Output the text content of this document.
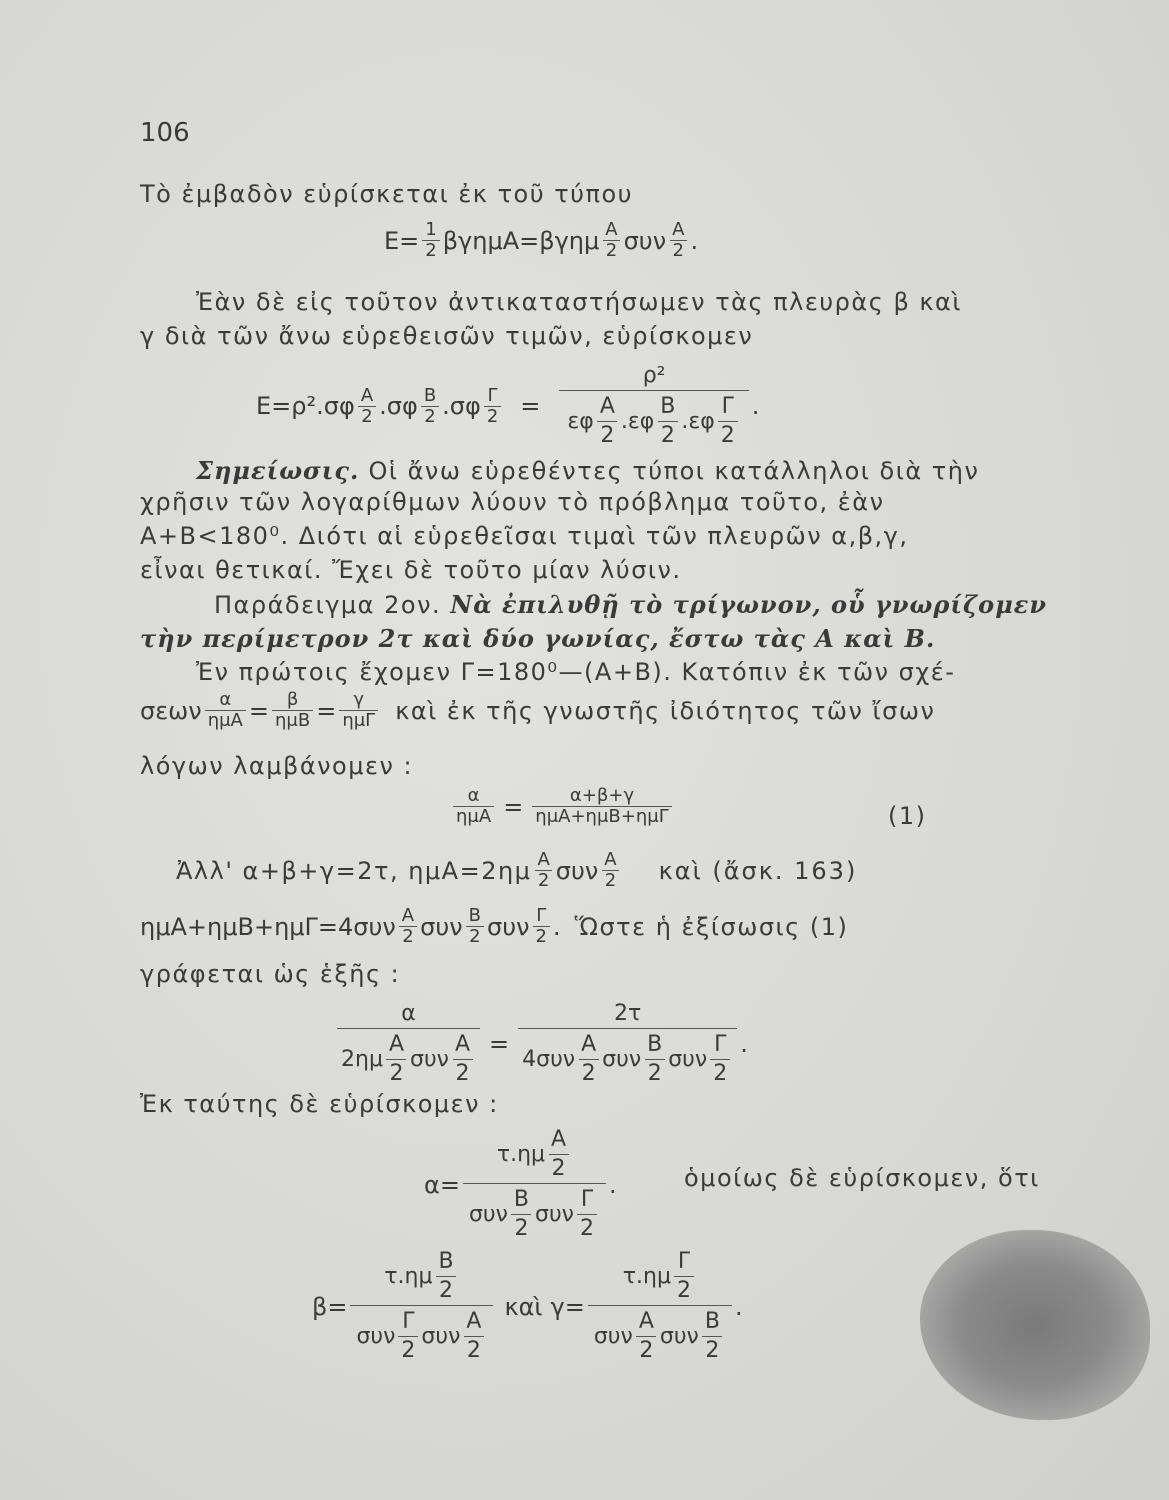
106
Τὸ ἐμβαδὸν εὑρίσκεται ἐκ τοῦ τύπου
$E= \frac{1}{2} \beta\gamma\eta\mu A=\beta\gamma\eta\mu \frac{A}{2}$ συν $\frac{A}{2}$ .
Ἐὰν δὲ εἰς τοῦτον ἀντικαταστήσωμεν τὰς πλευρὰς β καὶ
γ διὰ τῶν ἄνω εὑρεθεισῶν τιμῶν, εὑρίσκομεν
$E=\rho^2.\sigma\varphi \frac{A}{2} .\sigma\varphi \frac{B}{2} .\sigma\varphi \frac{\Gamma}{2} = \frac{\text{ρ²}}{\varepsilon\varphi \frac{A}{2} .\varepsilon\varphi \frac{B}{2} .\varepsilon\varphi \frac{\Gamma}{2}}$ .
Σημείωσις. Οἱ ἄνω εὑρεθέντες τύποι κατάλληλοι διὰ τὴν
χρῆσιν τῶν λογαρίθμων λύουν τὸ πρόβλημα τοῦτο, ἐὰν
Α+Β<180⁰. Διότι αἱ εὑρεθεῖσαι τιμαὶ τῶν πλευρῶν α,β,γ,
εἶναι θετικαί. Ἔχει δὲ τοῦτο μίαν λύσιν.
Παράδειγμα 2ον. Νὰ ἐπιλυθῇ τὸ τρίγωνον, οὗ γνωρίζομεν
τὴν περίμετρον 2τ καὶ δύο γωνίας, ἔστω τὰς Α καὶ Β.
Ἐν πρώτοις ἔχομεν Γ=180⁰—(Α+Β). Κατόπιν ἐκ τῶν σχέ-
σεων $\frac{\alpha}{\text{ημΑ}} = \frac{\beta}{\text{ημΒ}} = \frac{\gamma}{\text{ημΓ}}$ καὶ ἐκ τῆς γνωστῆς ἰδιότητος τῶν ἴσων
λόγων λαμβάνομεν :
$\frac{\alpha}{\text{ημΑ}} = \frac{\alpha+\beta+\gamma}{\text{ημΑ+ημΒ+ημΓ}}$	(1)
Ἀλλ' α+β+γ=2τ, $\eta\mu A=2\eta\mu \frac{A}{2}$ συν $\frac{A}{2}$ καὶ (ἄσκ. 163)
$\eta\mu A+\eta\mu B+\eta\mu\Gamma=4\sigma\upsilon\nu \frac{A}{2}$ συν $\frac{B}{2}$ συν $\frac{\Gamma}{2}$ . Ὥστε ἡ ἐξίσωσις (1)
γράφεται ὡς ἑξῆς :
$\frac{\alpha}{2\eta\mu \frac{A}{2} \sigma\upsilon\nu \frac{A}{2}}$ =
2τ
$4\sigma\upsilon\nu \frac{A}{2}$ συν $\frac{B}{2}$ συν $\frac{\Gamma}{2}$ .
Ἐκ ταύτης δὲ εὑρίσκομεν :
$\alpha= \frac{\tau.\eta\mu \frac{A}{2}}{\sigma\upsilon\nu \frac{B}{2} \sigma\upsilon\nu \frac{\Gamma}{2}}$ .	ὁμοίως δὲ εὑρίσκομεν, ὅτι
$\beta= \frac{\tau.\eta\mu \frac{B}{2}}{\sigma\upsilon\nu \frac{\Gamma}{2} \sigma\upsilon\nu \frac{A}{2}}$ καὶ $\gamma= \frac{\tau.\eta\mu \frac{\Gamma}{2}}{\sigma\upsilon\nu \frac{A}{2} \sigma\upsilon\nu \frac{B}{2}}$ .
